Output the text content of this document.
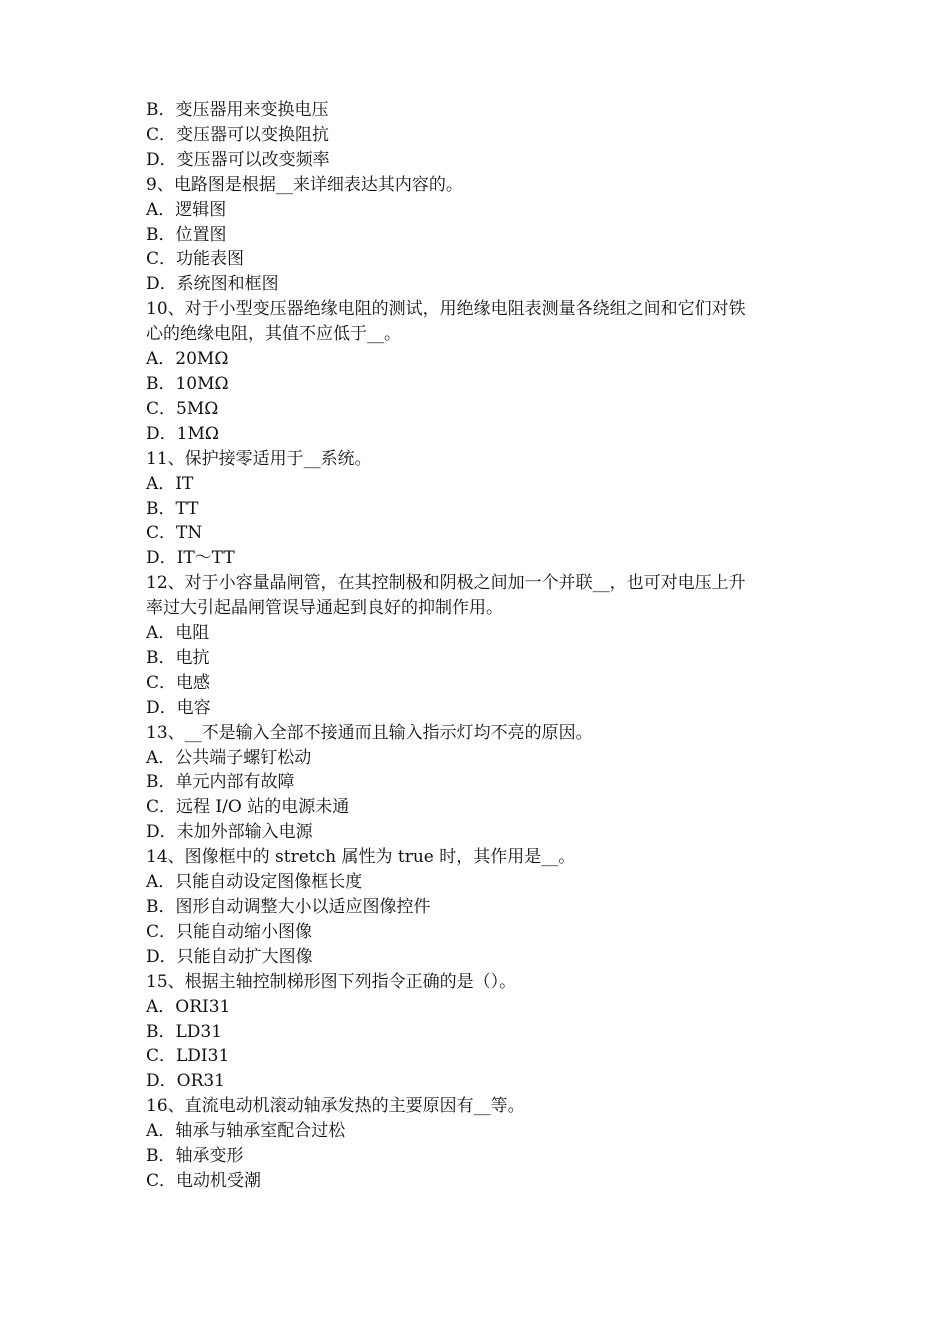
B．变压器用来变换电压

C．变压器可以变换阻抗

D．变压器可以改变频率

9、电路图是根据__来详细表达其内容的。

A．逻辑图

B．位置图

C．功能表图

D．系统图和框图

10、对于小型变压器绝缘电阻的测试，用绝缘电阻表测量各绕组之间和它们对铁

心的绝缘电阻，其值不应低于__。

A．20MΩ

B．10MΩ

C．5MΩ

D．1MΩ

11、保护接零适用于__系统。

A．IT

B．TT

C．TN

D．IT～TT

12、对于小容量晶闸管，在其控制极和阴极之间加一个并联__，也可对电压上升

率过大引起晶闸管误导通起到良好的抑制作用。

A．电阻

B．电抗

C．电感

D．电容

13、__不是输入全部不接通而且输入指示灯均不亮的原因。

A．公共端子螺钉松动

B．单元内部有故障

C．远程 I/O 站的电源未通

D．未加外部输入电源

14、图像框中的 stretch 属性为 true 时，其作用是__。

A．只能自动设定图像框长度

B．图形自动调整大小以适应图像控件

C．只能自动缩小图像

D．只能自动扩大图像

15、根据主轴控制梯形图下列指令正确的是（）。

A．ORI31

B．LD31

C．LDI31

D．OR31

16、直流电动机滚动轴承发热的主要原因有__等。

A．轴承与轴承室配合过松

B．轴承变形

C．电动机受潮
